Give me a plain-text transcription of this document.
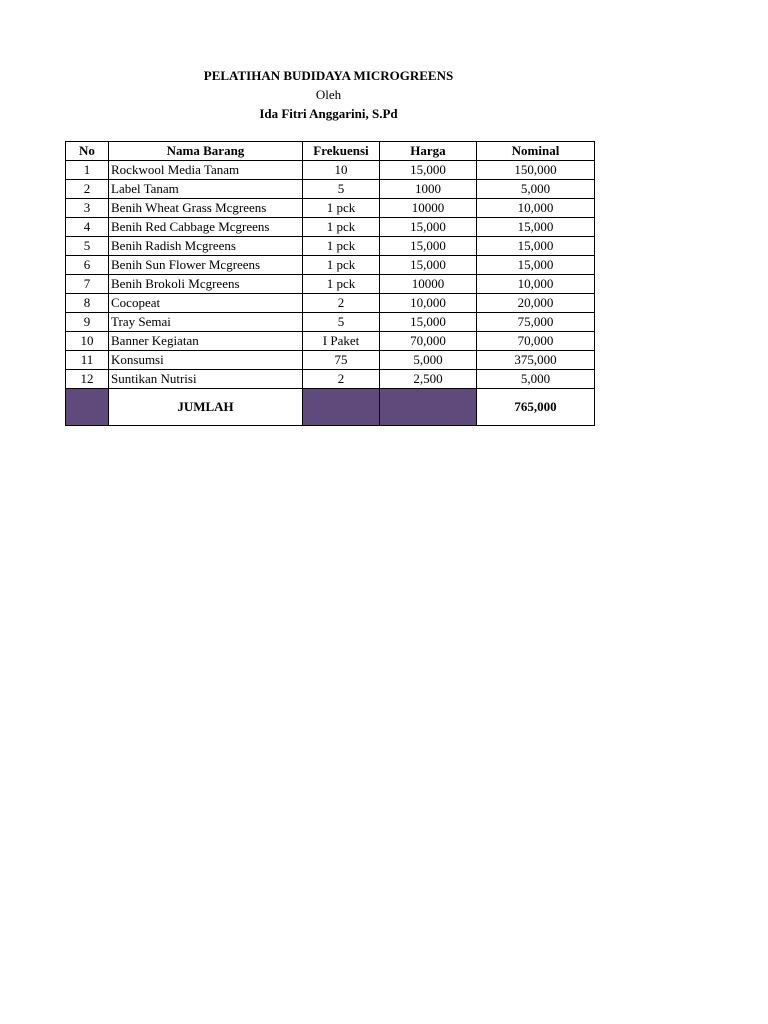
PELATIHAN BUDIDAYA MICROGREENS
Oleh
Ida Fitri Anggarini, S.Pd
No	Nama Barang	Frekuensi	Harga	Nominal
1	Rockwool Media Tanam	10	15,000	150,000
2	Label Tanam	5	1000	5,000
3	Benih Wheat Grass Mcgreens	1 pck	10000	10,000
4	Benih Red Cabbage Mcgreens	1 pck	15,000	15,000
5	Benih Radish Mcgreens	1 pck	15,000	15,000
6	Benih Sun Flower Mcgreens	1 pck	15,000	15,000
7	Benih Brokoli Mcgreens	1 pck	10000	10,000
8	Cocopeat	2	10,000	20,000
9	Tray Semai	5	15,000	75,000
10	Banner Kegiatan	I Paket	70,000	70,000
11	Konsumsi	75	5,000	375,000
12	Suntikan Nutrisi	2	2,500	5,000
	JUMLAH			765,000
